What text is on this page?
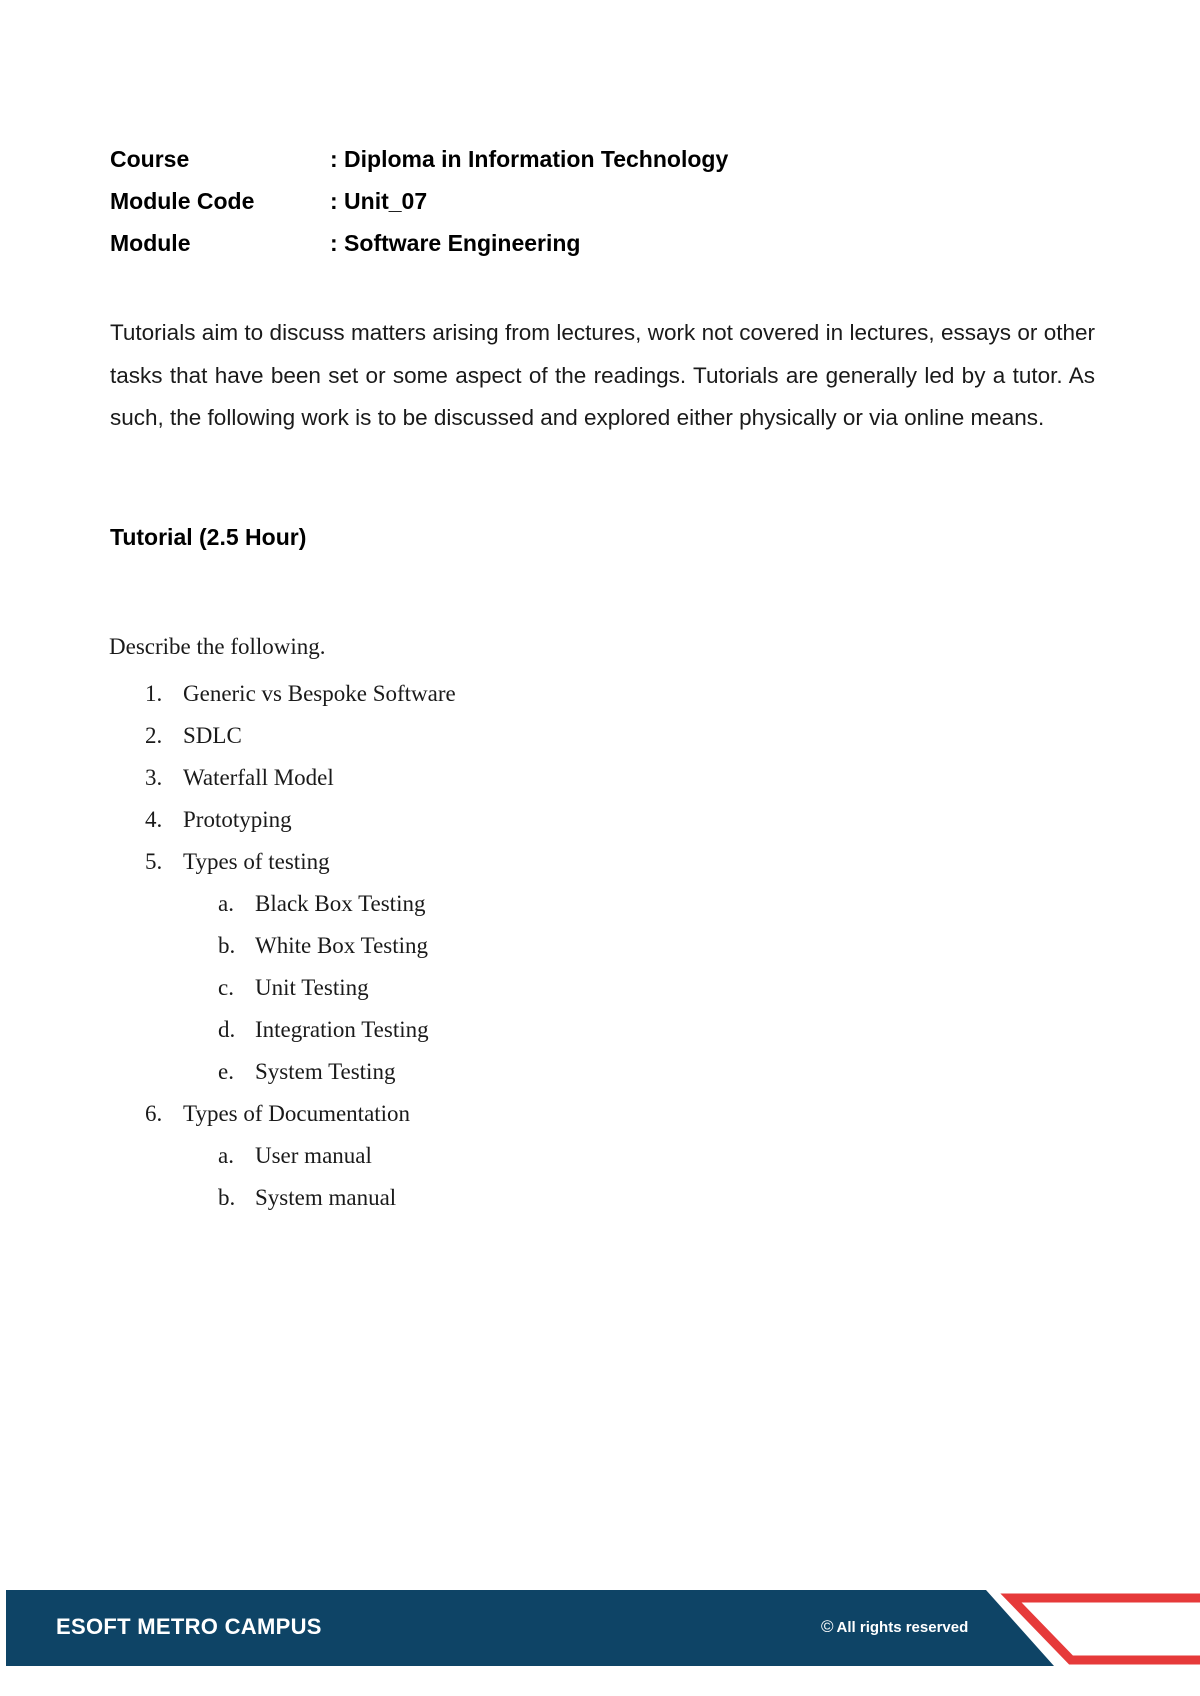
Course	: Diploma in Information Technology
Module Code	: Unit_07
Module	: Software Engineering

Tutorials aim to discuss matters arising from lectures, work not covered in lectures, essays or other tasks that have been set or some aspect of the readings. Tutorials are generally led by a tutor. As such, the following work is to be discussed and explored either physically or via online means.

Tutorial (2.5 Hour)
Describe the following.
1. Generic vs Bespoke Software
2. SDLC
3. Waterfall Model
4. Prototyping
5. Types of testing
a. Black Box Testing
b. White Box Testing
c. Unit Testing
d. Integration Testing
e. System Testing
6. Types of Documentation
a. User manual
b. System manual
ESOFT METRO CAMPUS	© All rights reserved
